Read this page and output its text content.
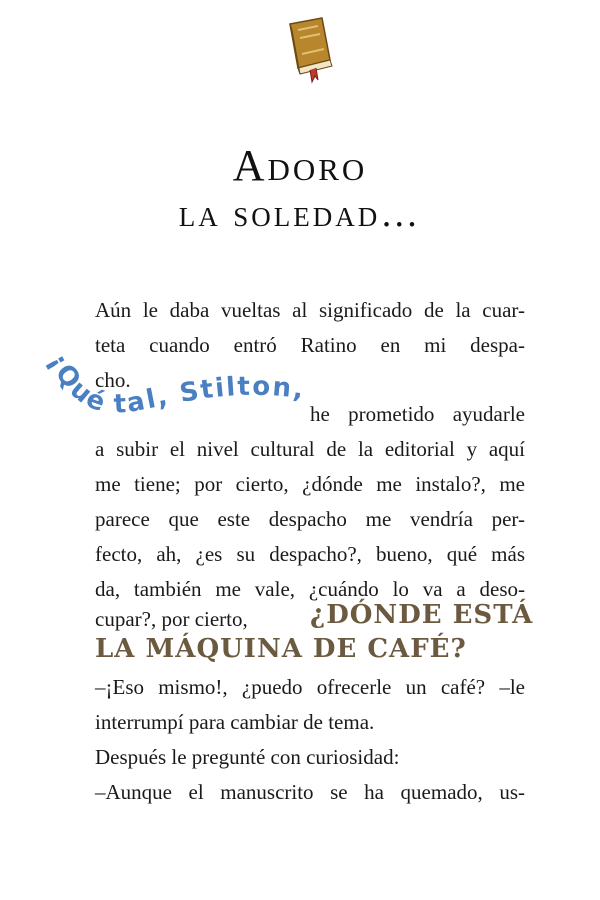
Adoro
la soledad…
Aún le daba vueltas al significado de la cuar-
teta cuando entró Ratino en mi despa-
cho.
¡Qué tal, Stilton,
he prometido ayudarle
a subir el nivel cultural de la editorial y aquí
me tiene; por cierto, ¿dónde me instalo?, me
parece que este despacho me vendría per-
fecto, ah, ¿es su despacho?, bueno, qué más
da, también me vale, ¿cuándo lo va a deso-
cupar?, por cierto,	¿DÓNDE ESTÁ
LA MÁQUINA DE CAFÉ?
–¡Eso mismo!, ¿puedo ofrecerle un café? –le
interrumpí para cambiar de tema.
Después le pregunté con curiosidad:
–Aunque el manuscrito se ha quemado, us-
